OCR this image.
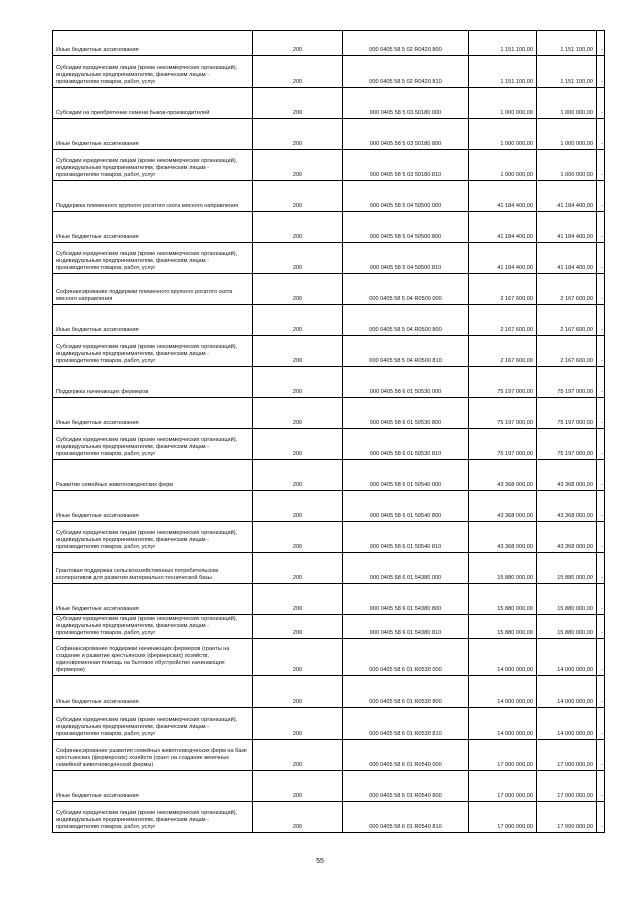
Иные бюджетные ассигнования	200	000 0405 58 5 02 R0420 800	1 151 100,00	1 151 100,00 -
Субсидии юридическим лицам (кроме некоммерческих организаций), индивидуальным предпринимателям, физическим лицам - производителям товаров, работ, услуг	200	000 0405 58 5 02 R0420 810	1 151 100,00	1 151 100,00 -
Субсидии на приобретение семени быков-производителей	200	000 0405 58 5 03 50180 000	1 000 000,00	1 000 000,00 -
Иные бюджетные ассигнования	200	000 0405 58 5 03 50180 800	1 000 000,00	1 000 000,00 -
Субсидии юридическим лицам (кроме некоммерческих организаций), индивидуальным предпринимателям, физическим лицам - производителям товаров, работ, услуг	200	000 0405 58 5 03 50180 810	1 000 000,00	1 000 000,00 -
Поддержка племенного крупного рогатого скота мясного направления	200	000 0405 58 5 04 50500 000	41 184 400,00	41 184 400,00 -
Иные бюджетные ассигнования	200	000 0405 58 5 04 50500 800	41 184 400,00	41 184 400,00 -
Субсидии юридическим лицам (кроме некоммерческих организаций), индивидуальным предпринимателям, физическим лицам - производителям товаров, работ, услуг	200	000 0405 58 5 04 50500 810	41 184 400,00	41 184 400,00 -
Софинансирование поддержки племенного крупного рогатого скота мясного направления	200	000 0405 58 5 04 R0500 000	2 167 600,00	2 167 600,00 -
Иные бюджетные ассигнования	200	000 0405 58 5 04 R0500 800	2 167 600,00	2 167 600,00 -
Субсидии юридическим лицам (кроме некоммерческих организаций), индивидуальным предпринимателям, физическим лицам - производителям товаров, работ, услуг	200	000 0405 58 5 04 R0500 810	2 167 600,00	2 167 600,00 -
Поддержка начинающих фермеров	200	000 0405 58 6 01 50530 000	75 197 000,00	75 197 000,00 -
Иные бюджетные ассигнования	200	000 0405 58 6 01 50530 800	75 197 000,00	75 197 000,00 -
Субсидии юридическим лицам (кроме некоммерческих организаций), индивидуальным предпринимателям, физическим лицам - производителям товаров, работ, услуг	200	000 0405 58 6 01 50530 810	75 197 000,00	75 197 000,00 -
Развитие семейных животноводческих ферм	200	000 0405 58 6 01 50540 000	43 368 000,00	43 368 000,00 -
Иные бюджетные ассигнования	200	000 0405 58 6 01 50540 800	43 368 000,00	43 368 000,00 -
Субсидии юридическим лицам (кроме некоммерческих организаций), индивидуальным предпринимателям, физическим лицам - производителям товаров, работ, услуг	200	000 0405 58 6 01 50540 810	43 368 000,00	43 368 000,00 -
Грантовая поддержка сельскохозяйственных потребительских кооперативов для развития материально-технической базы	200	000 0405 58 6 01 54380 000	15 880 000,00	15 880 000,00 -
Иные бюджетные ассигнования	200	000 0405 58 6 01 54380 800	15 880 000,00	15 880 000,00 -
Субсидии юридическим лицам (кроме некоммерческих организаций), индивидуальным предпринимателям, физическим лицам - производителям товаров, работ, услуг	200	000 0405 58 6 01 54380 810	15 880 000,00	15 880 000,00 -
Софинансирование поддержки начинающих фермеров (гранты на создание и развитие крестьянских (фермерских) хозяйств, единовременная помощь на бытовое обустройство начинающих фермеров)	200	000 0405 58 6 01 R0530 000	14 000 000,00	14 000 000,00 -
Иные бюджетные ассигнования	200	000 0405 58 6 01 R0530 800	14 000 000,00	14 000 000,00 -
Субсидии юридическим лицам (кроме некоммерческих организаций), индивидуальным предпринимателям, физическим лицам - производителям товаров, работ, услуг	200	000 0405 58 6 01 R0530 810	14 000 000,00	14 000 000,00 -
Софинансирование развития семейных животноводческих ферм на базе крестьянских (фермерских) хозяйств (грант на создание венечных семейной животноводческой фермы)	200	000 0405 58 6 01 R0540 000	17 000 000,00	17 000 000,00 -
Иные бюджетные ассигнования	200	000 0405 58 6 01 R0540 800	17 000 000,00	17 000 000,00 -
Субсидии юридическим лицам (кроме некоммерческих организаций), индивидуальным предпринимателям, физическим лицам - производителям товаров, работ, услуг	200	000 0405 58 6 01 R0540 810	17 000 000,00	17 000 000,00 -
55
